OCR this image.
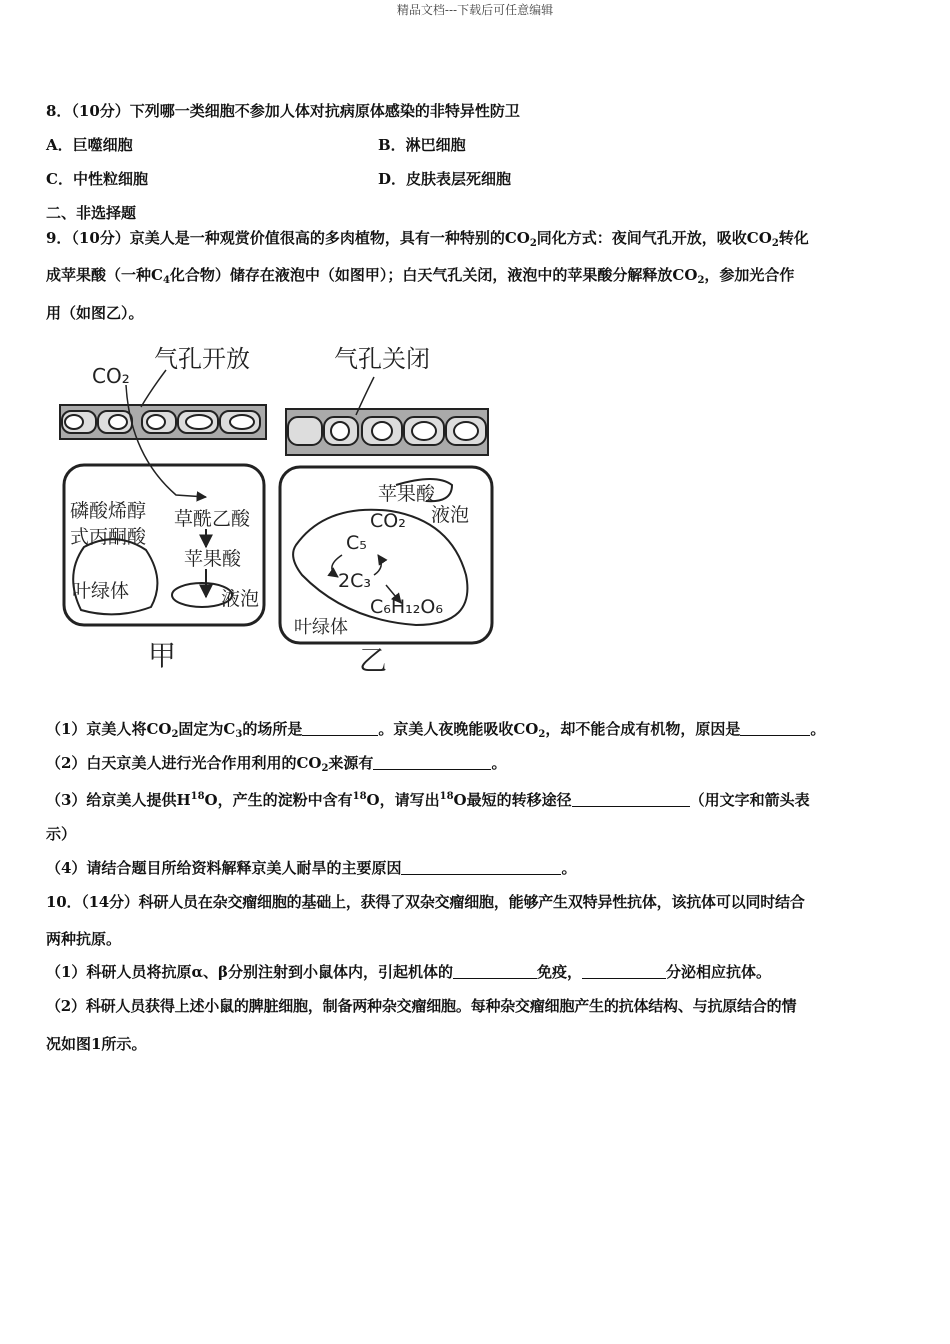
精品文档---下载后可任意编辑
8．（10分）下列哪一类细胞不参加人体对抗病原体感染的非特异性防卫
A．巨噬细胞	B．淋巴细胞
C．中性粒细胞	D．皮肤表层死细胞
二、非选择题
9．（10分）京美人是一种观赏价值很高的多肉植物，具有一种特别的$CO_2$同化方式：夜间气孔开放，吸收$CO_2$转化
成苹果酸（一种$C_4$化合物）储存在液泡中（如图甲）；白天气孔关闭，液泡中的苹果酸分解释放$CO_2$，参加光合作
用（如图乙）。
CO₂
气孔开放
磷酸烯醇
式丙酮酸
草酰乙酸
苹果酸
叶绿体	液泡
甲
气孔关闭
苹果酸
CO₂ 液泡
C₅
2C₃
C₆H₁₂O₆
叶绿体
乙
（1）京美人将$CO_2$固定为$C_3$的场所是	。京美人夜晚能吸收$CO_2$，却不能合成有机物，原因是	。
（2）白天京美人进行光合作用利用的$CO_2$来源有	。
（3）给京美人提供$H^{18}O$，产生的淀粉中含有$^{18}$O，请写出$^{18}$O最短的转移途径	（用文字和箭头表
示）
（4）请结合题目所给资料解释京美人耐旱的主要原因	。
10．（14分）科研人员在杂交瘤细胞的基础上，获得了双杂交瘤细胞，能够产生双特异性抗体，该抗体可以同时结合
两种抗原。
（1）科研人员将抗原α、β分别注射到小鼠体内，引起机体的	免疫，	分泌相应抗体。
（2）科研人员获得上述小鼠的脾脏细胞，制备两种杂交瘤细胞。每种杂交瘤细胞产生的抗体结构、与抗原结合的情
况如图1所示。
